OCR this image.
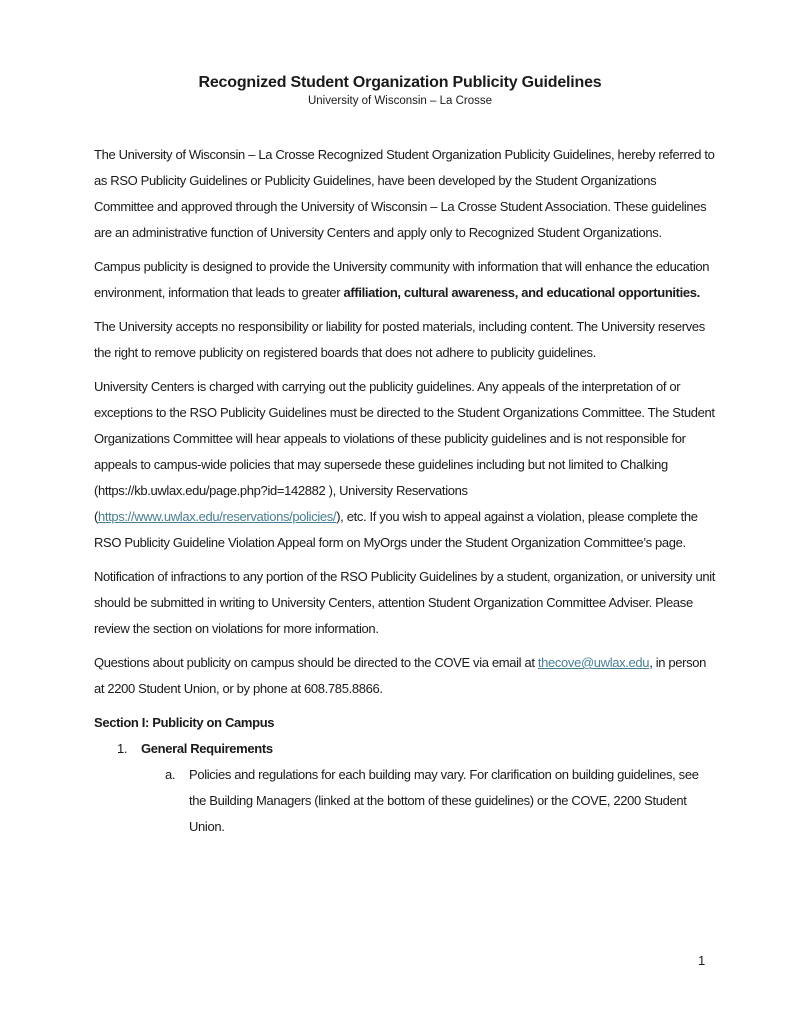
Recognized Student Organization Publicity Guidelines
University of Wisconsin – La Crosse

The University of Wisconsin – La Crosse Recognized Student Organization Publicity Guidelines, hereby referred to as RSO Publicity Guidelines or Publicity Guidelines, have been developed by the Student Organizations Committee and approved through the University of Wisconsin – La Crosse Student Association. These guidelines are an administrative function of University Centers and apply only to Recognized Student Organizations.

Campus publicity is designed to provide the University community with information that will enhance the education environment, information that leads to greater affiliation, cultural awareness, and educational opportunities.

The University accepts no responsibility or liability for posted materials, including content. The University reserves the right to remove publicity on registered boards that does not adhere to publicity guidelines.

University Centers is charged with carrying out the publicity guidelines. Any appeals of the interpretation of or exceptions to the RSO Publicity Guidelines must be directed to the Student Organizations Committee. The Student Organizations Committee will hear appeals to violations of these publicity guidelines and is not responsible for appeals to campus-wide policies that may supersede these guidelines including but not limited to Chalking (https://kb.uwlax.edu/page.php?id=142882 ), University Reservations (https://www.uwlax.edu/reservations/policies/), etc. If you wish to appeal against a violation, please complete the RSO Publicity Guideline Violation Appeal form on MyOrgs under the Student Organization Committee’s page.

Notification of infractions to any portion of the RSO Publicity Guidelines by a student, organization, or university unit should be submitted in writing to University Centers, attention Student Organization Committee Adviser. Please review the section on violations for more information.

Questions about publicity on campus should be directed to the COVE via email at thecove@uwlax.edu, in person at 2200 Student Union, or by phone at 608.785.8866.

Section I: Publicity on Campus

1.	General Requirements
a.	Policies and regulations for each building may vary. For clarification on building guidelines, see the Building Managers (linked at the bottom of these guidelines) or the COVE, 2200 Student Union.
1
